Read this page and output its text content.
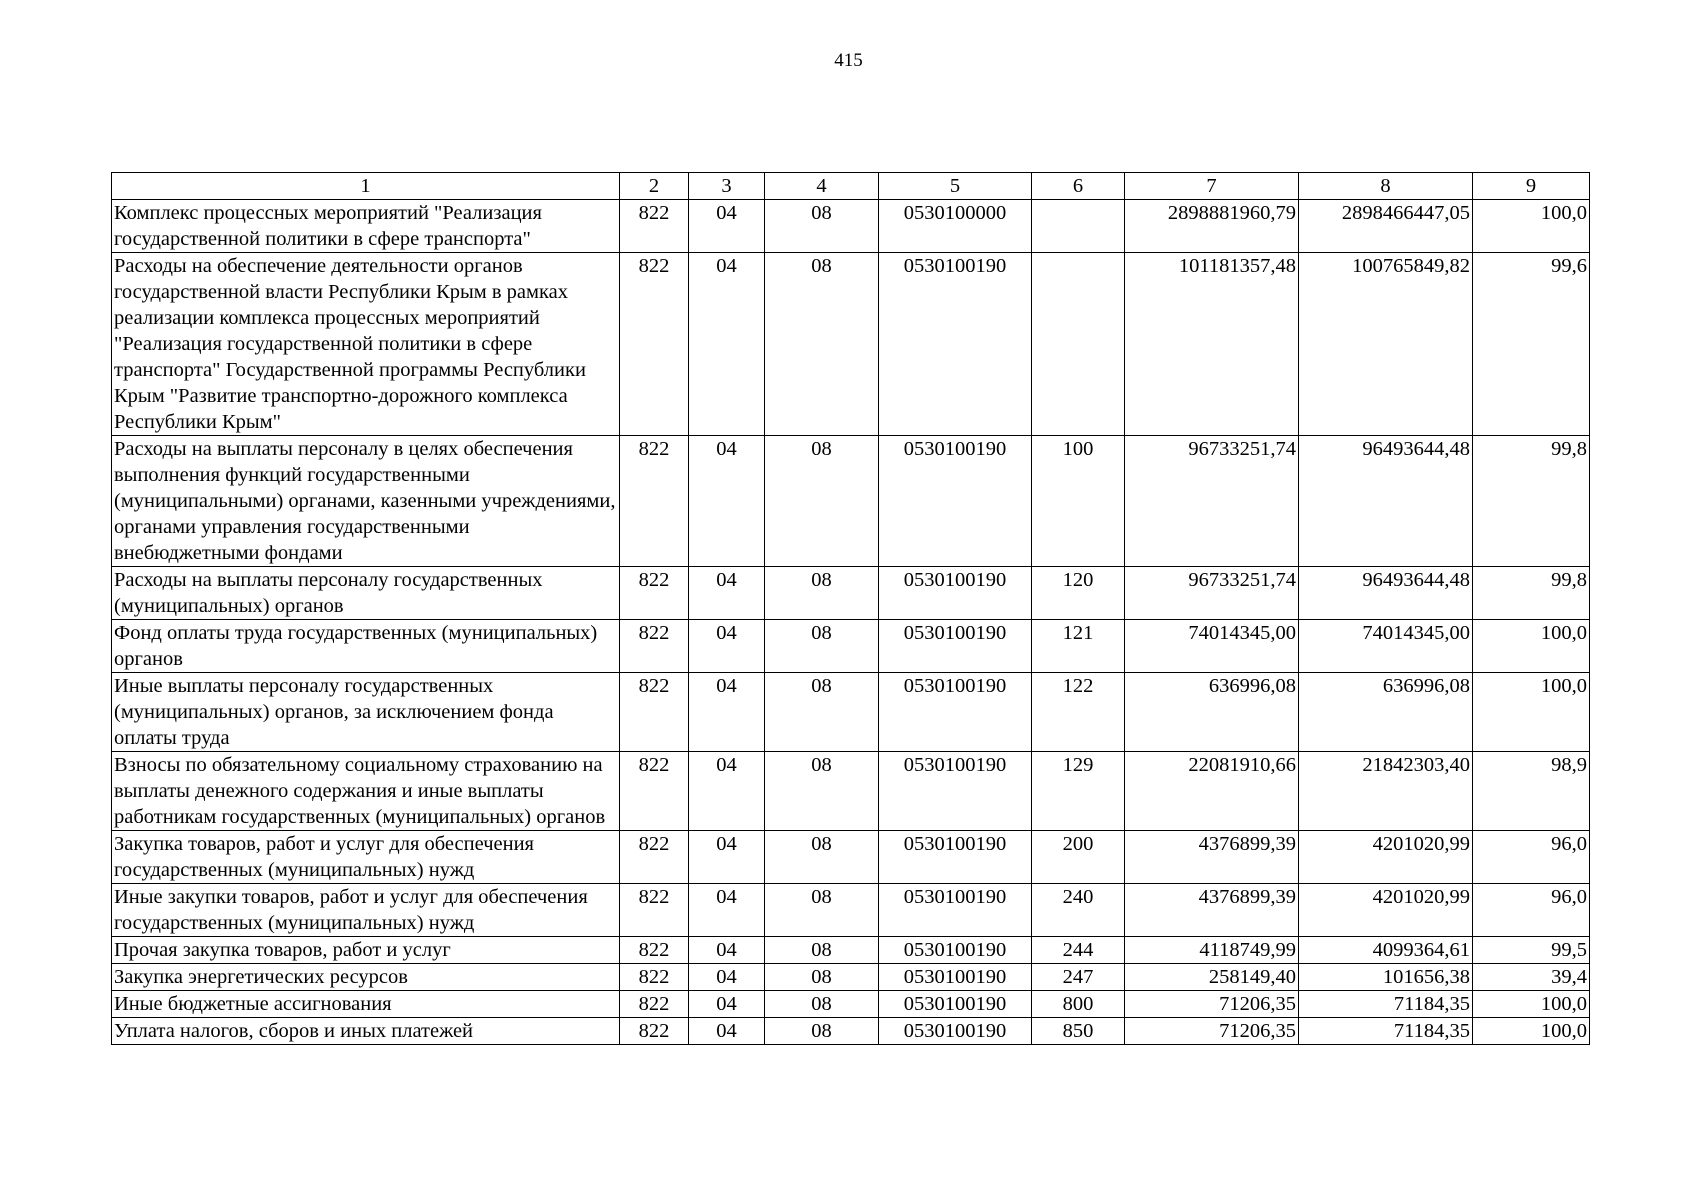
415
1	2	3	4	5	6	7	8	9
Комплекс процессных мероприятий "Реализация государственной политики в сфере транспорта"	822	04	08	0530100000		2898881960,79	2898466447,05	100,0
Расходы на обеспечение деятельности органов государственной власти Республики Крым в рамках реализации комплекса процессных мероприятий "Реализация государственной политики в сфере транспорта" Государственной программы Республики Крым "Развитие транспортно-дорожного комплекса Республики Крым"	822	04	08	0530100190		101181357,48	100765849,82	99,6
Расходы на выплаты персоналу в целях обеспечения выполнения функций государственными (муниципальными) органами, казенными учреждениями, органами управления государственными внебюджетными фондами	822	04	08	0530100190	100	96733251,74	96493644,48	99,8
Расходы на выплаты персоналу государственных (муниципальных) органов	822	04	08	0530100190	120	96733251,74	96493644,48	99,8
Фонд оплаты труда государственных (муниципальных) органов	822	04	08	0530100190	121	74014345,00	74014345,00	100,0
Иные выплаты персоналу государственных (муниципальных) органов, за исключением фонда оплаты труда	822	04	08	0530100190	122	636996,08	636996,08	100,0
Взносы по обязательному социальному страхованию на выплаты денежного содержания и иные выплаты работникам государственных (муниципальных) органов	822	04	08	0530100190	129	22081910,66	21842303,40	98,9
Закупка товаров, работ и услуг для обеспечения государственных (муниципальных) нужд	822	04	08	0530100190	200	4376899,39	4201020,99	96,0
Иные закупки товаров, работ и услуг для обеспечения государственных (муниципальных) нужд	822	04	08	0530100190	240	4376899,39	4201020,99	96,0
Прочая закупка товаров, работ и услуг	822	04	08	0530100190	244	4118749,99	4099364,61	99,5
Закупка энергетических ресурсов	822	04	08	0530100190	247	258149,40	101656,38	39,4
Иные бюджетные ассигнования	822	04	08	0530100190	800	71206,35	71184,35	100,0
Уплата налогов, сборов и иных платежей	822	04	08	0530100190	850	71206,35	71184,35	100,0
